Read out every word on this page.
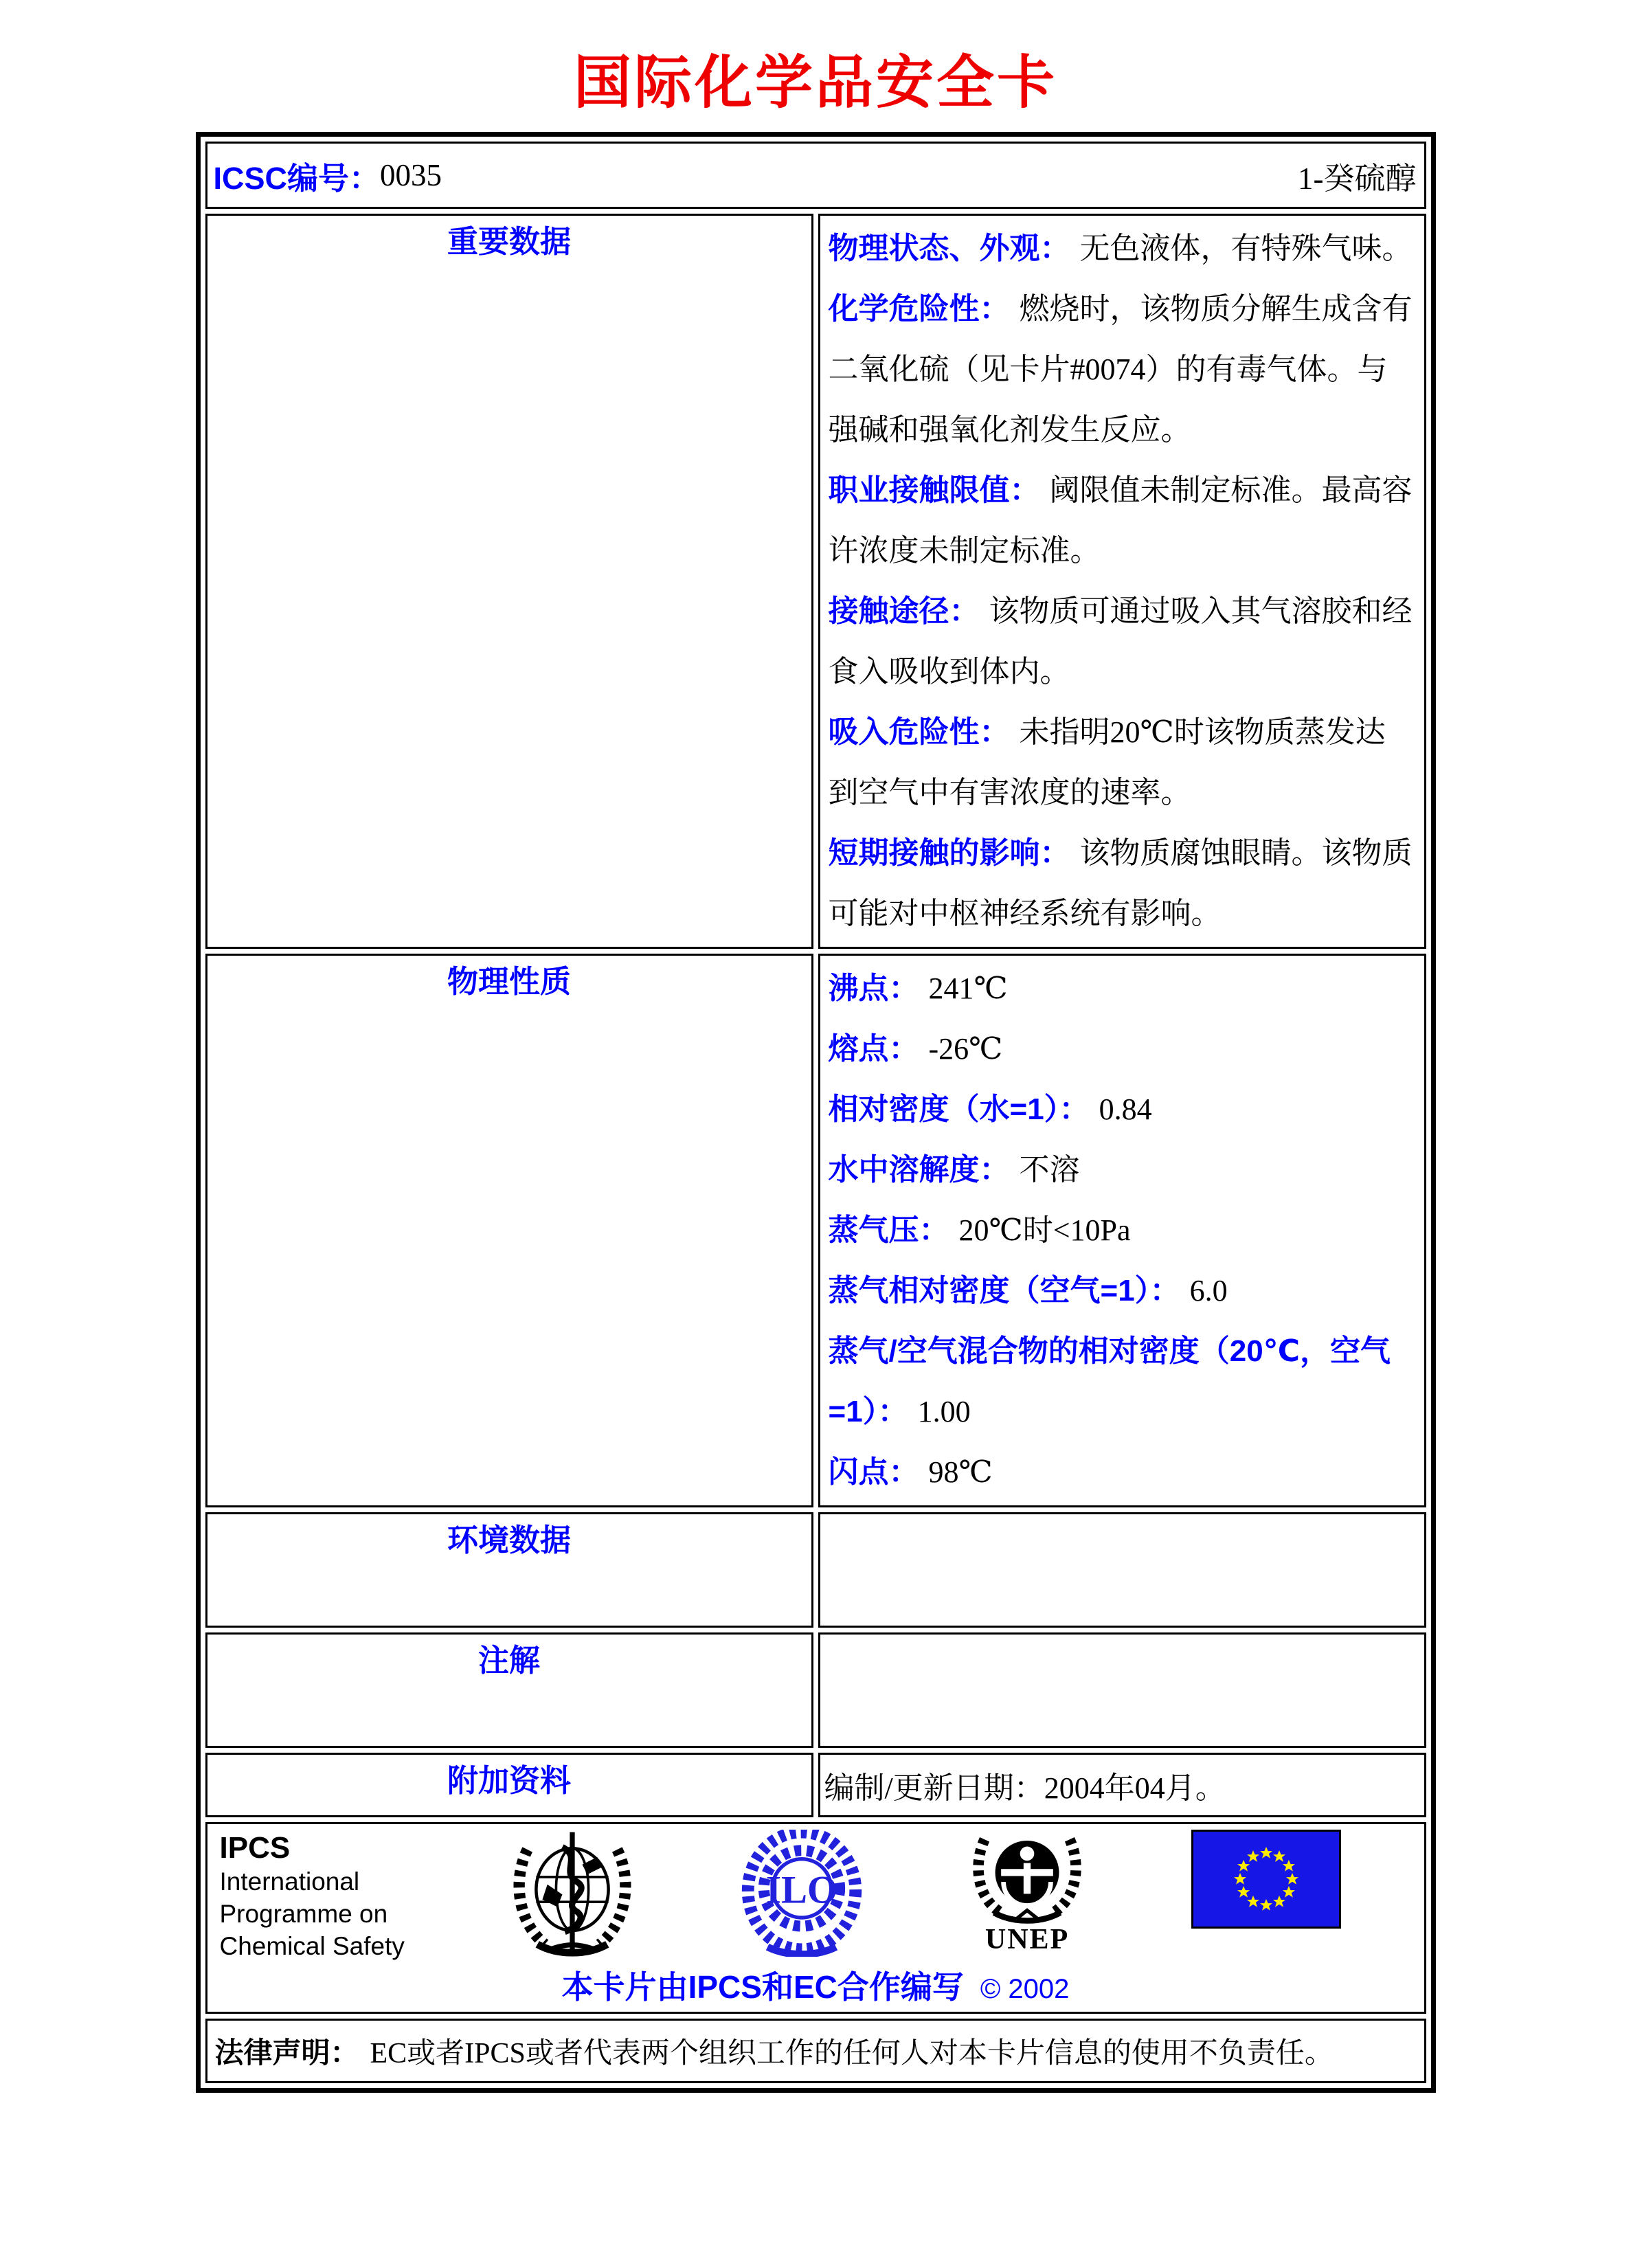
国际化学品安全卡
ICSC编号： 0035 1-癸硫醇	

重要数据	物理状态、外观： 无色液体，有特殊气味。

化学危险性： 燃烧时，该物质分解生成含有二氧化硫（见卡片#0074）的有毒气体。与强碱和强氧化剂发生反应。

职业接触限值： 阈限值未制定标准。最高容许浓度未制定标准。

接触途径： 该物质可通过吸入其气溶胶和经食入吸收到体内。

吸入危险性： 未指明20℃时该物质蒸发达到空气中有害浓度的速率。

短期接触的影响： 该物质腐蚀眼睛。该物质可能对中枢神经系统有影响。

物理性质	沸点： 241℃

熔点： -26℃

相对密度（水=1）： 0.84

水中溶解度： 不溶

蒸气压： 20℃时<10Pa

蒸气相对密度（空气=1）： 6.0

蒸气/空气混合物的相对密度（20℃，空气=1）： 1.00

闪点： 98℃

环境数据	
注解	
附加资料	编制/更新日期：2004年04月。

IPCS
International
Programme on
Chemical Safety
ILO
UNEP
本卡片由IPCS和EC合作编写 © 2002

法律声明： EC或者IPCS或者代表两个组织工作的任何人对本卡片信息的使用不负责任。	
